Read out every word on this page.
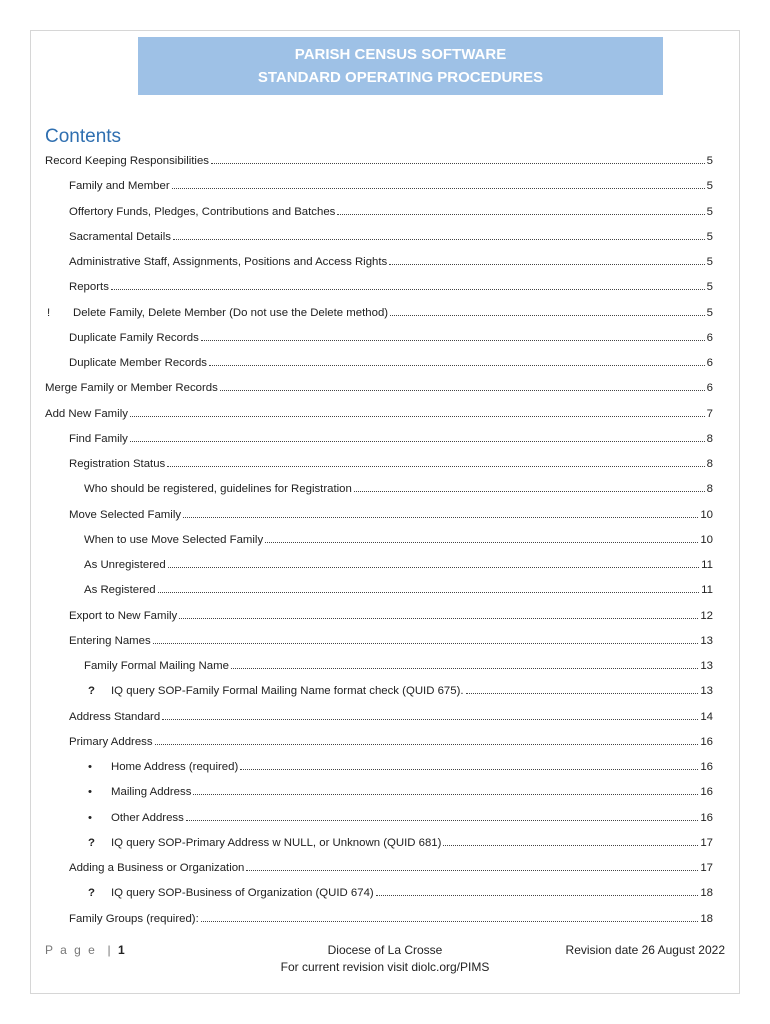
PARISH CENSUS SOFTWARE
STANDARD OPERATING PROCEDURES
Contents
Record Keeping Responsibilities	5
Family and Member	5
Offertory Funds, Pledges, Contributions and Batches	5
Sacramental Details	5
Administrative Staff, Assignments, Positions and Access Rights	5
Reports	5
! Delete Family, Delete Member (Do not use the Delete method)	5
Duplicate Family Records	6
Duplicate Member Records	6
Merge Family or Member Records	6
Add New Family	7
Find Family	8
Registration Status	8
Who should be registered, guidelines for Registration	8
Move Selected Family	10
When to use Move Selected Family	10
As Unregistered	11
As Registered	11
Export to New Family	12
Entering Names	13
Family Formal Mailing Name	13
? IQ query SOP-Family Formal Mailing Name format check (QUID 675).	13
Address Standard	14
Primary Address	16
• Home Address (required)	16
• Mailing Address	16
• Other Address	16
? IQ query SOP-Primary Address w NULL, or Unknown (QUID 681)	17
Adding a Business or Organization	17
? IQ query SOP-Business of Organization (QUID 674)	18
Family Groups (required):	18
P a g e  | 1	Diocese of La Crosse
For current revision visit diolc.org/PIMS
Revision date 26 August 2022
